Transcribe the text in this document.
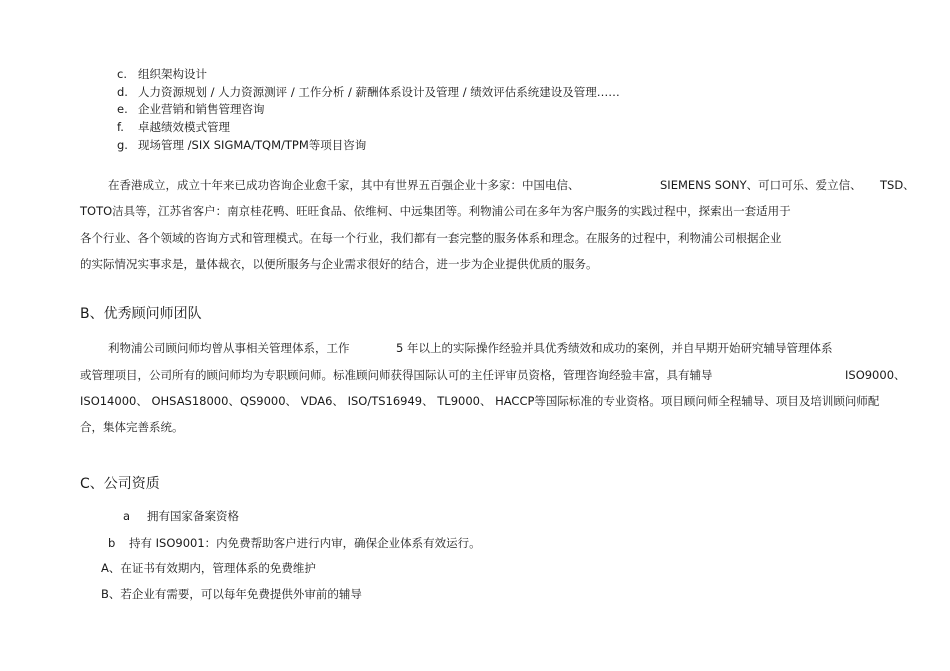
c. 组织架构设计
d. 人力资源规划 / 人力资源测评 / 工作分析 / 薪酬体系设计及管理 / 绩效评估系统建设及管理……
e. 企业营销和销售管理咨询
f. 卓越绩效模式管理
g. 现场管理 /SIX SIGMA/TQM/TPM等项目咨询
在香港成立，成立十年来已成功咨询企业愈千家，其中有世界五百强企业十多家：中国电信、	SIEMENS SONY、可口可乐、爱立信、 TSD、
TOTO洁具等，江苏省客户：南京桂花鸭、旺旺食品、依维柯、中远集团等。利物浦公司在多年为客户服务的实践过程中，探索出一套适用于
各个行业、各个领域的咨询方式和管理模式。在每一个行业，我们都有一套完整的服务体系和理念。在服务的过程中，利物浦公司根据企业
的实际情况实事求是，量体裁衣，以便所服务与企业需求很好的结合，进一步为企业提供优质的服务。
B、优秀顾问师团队
利物浦公司顾问师均曾从事相关管理体系，工作	5 年以上的实际操作经验并具优秀绩效和成功的案例，并自早期开始研究辅导管理体系
或管理项目，公司所有的顾问师均为专职顾问师。标准顾问师获得国际认可的主任评审员资格，管理咨询经验丰富，具有辅导	ISO9000、
ISO14000、 OHSAS18000、QS9000、 VDA6、 ISO/TS16949、 TL9000、 HACCP等国际标准的专业资格。项目顾问师全程辅导、项目及培训顾问师配
合，集体完善系统。
C、公司资质
a 拥有国家备案资格
b 持有 ISO9001：内免费帮助客户进行内审，确保企业体系有效运行。
A、在证书有效期内，管理体系的免费维护
B、若企业有需要，可以每年免费提供外审前的辅导
